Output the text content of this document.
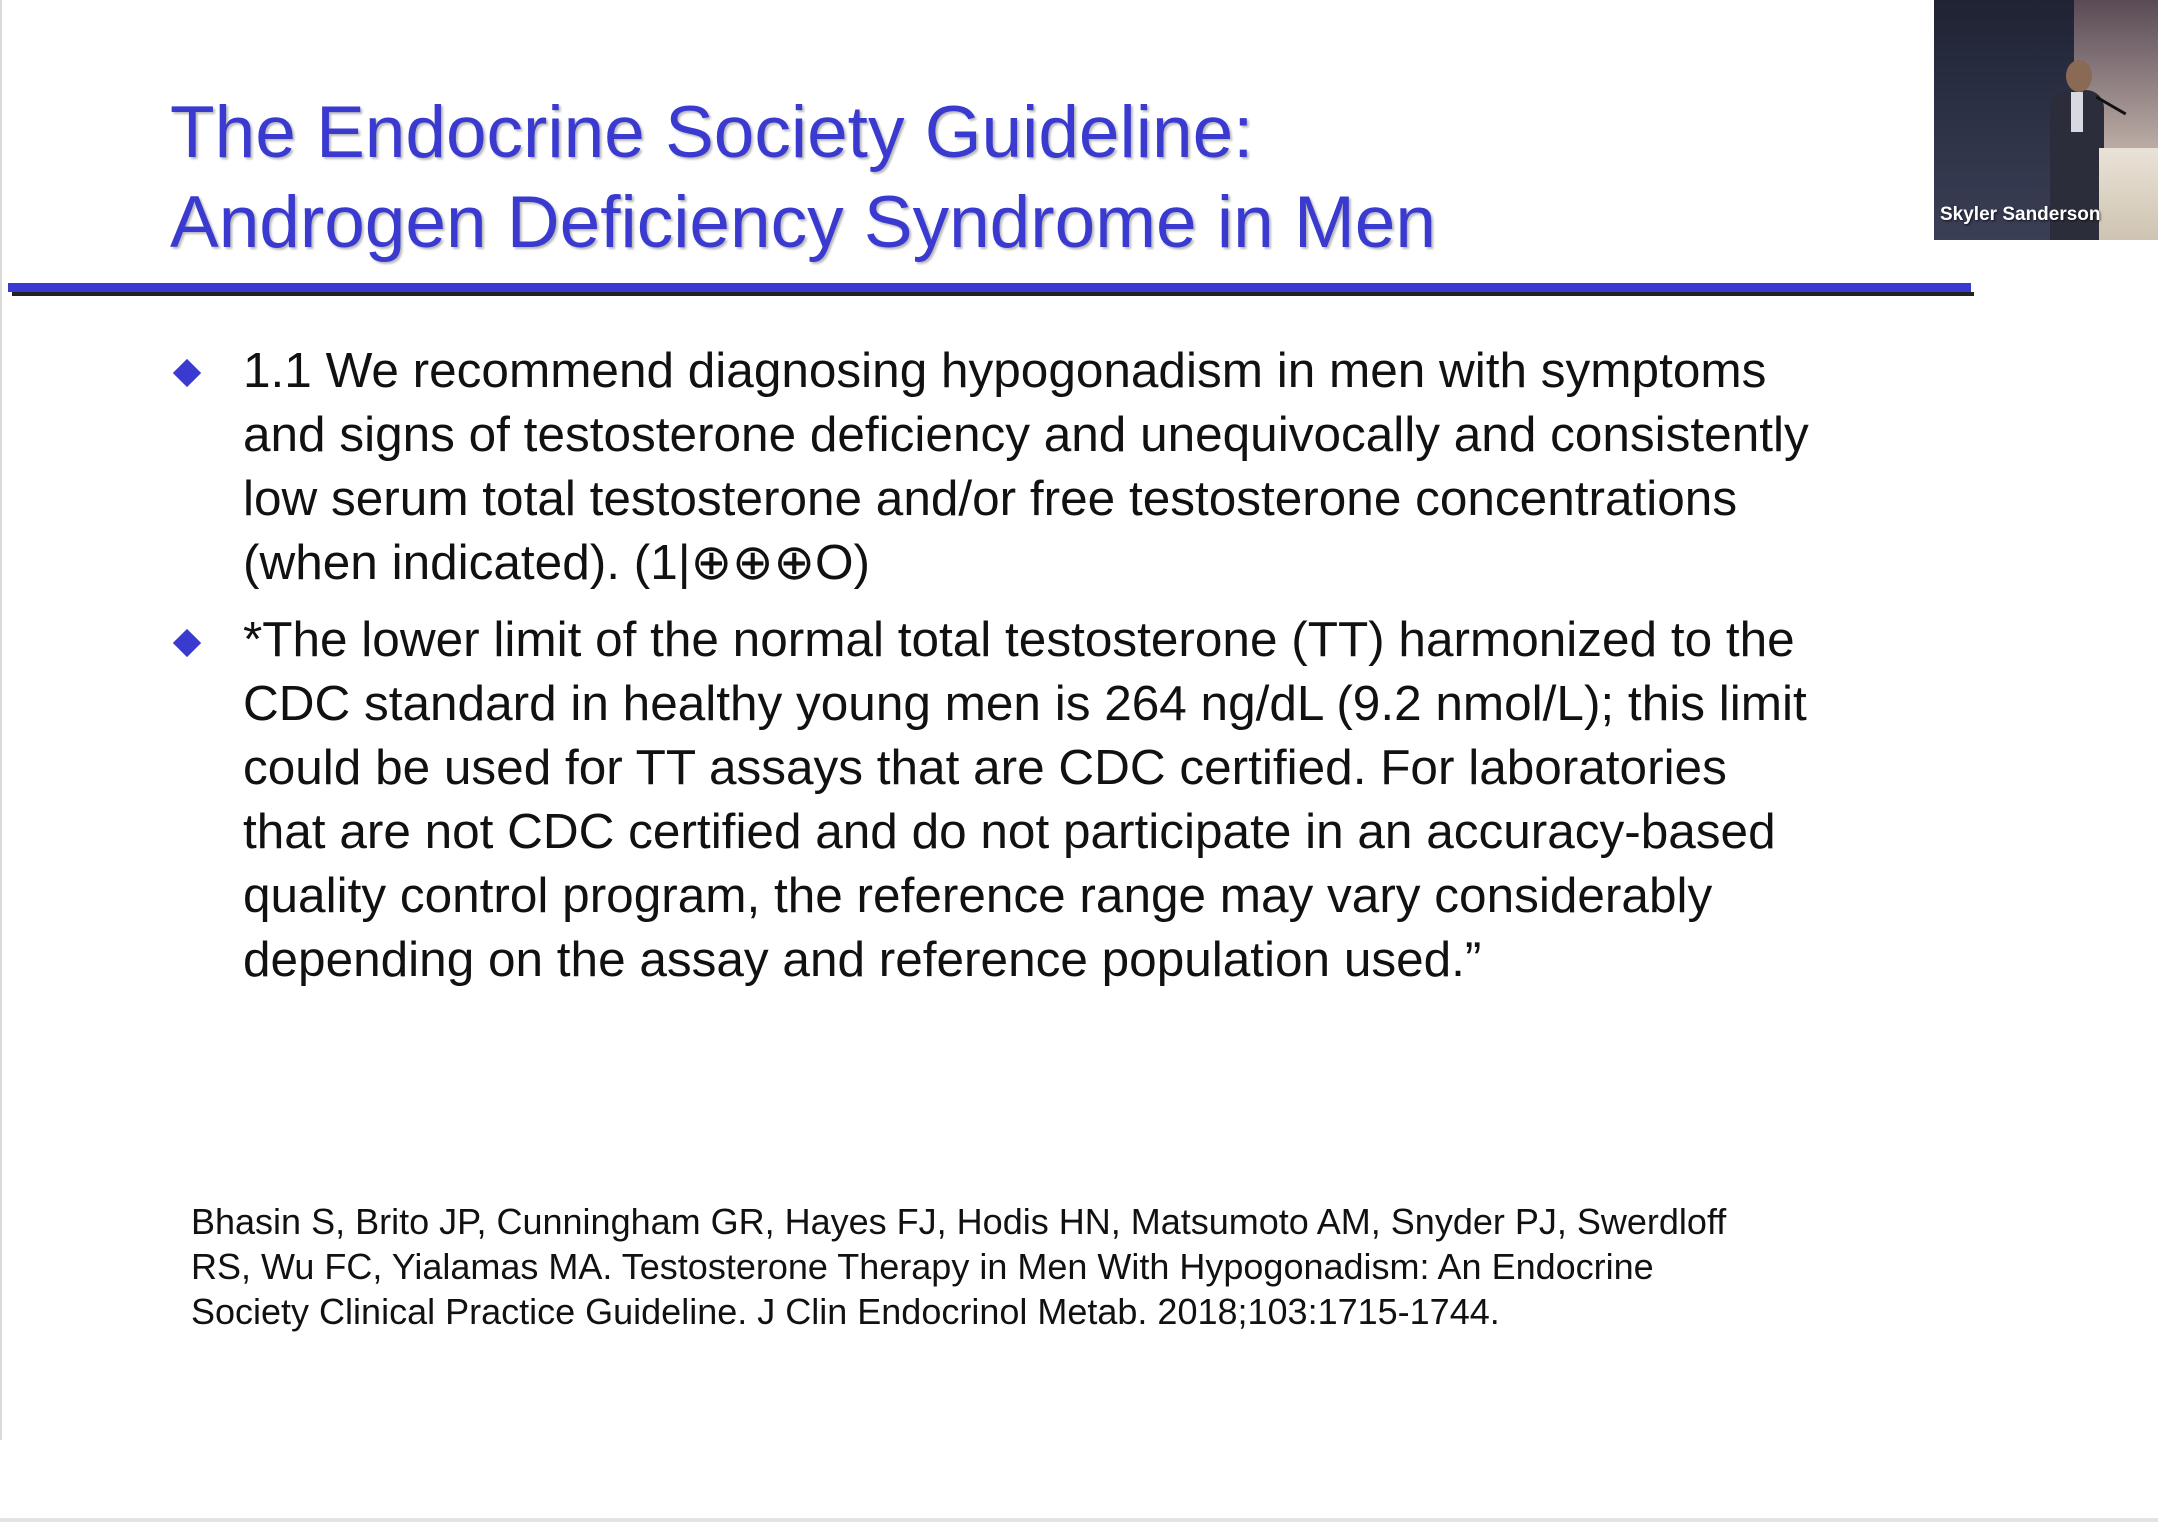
The Endocrine Society Guideline:
Androgen Deficiency Syndrome in Men
1.1 We recommend diagnosing hypogonadism in men with symptoms
and signs of testosterone deficiency and unequivocally and consistently
low serum total testosterone and/or free testosterone concentrations
(when indicated). (1|⊕⊕⊕O)
*The lower limit of the normal total testosterone (TT) harmonized to the
CDC standard in healthy young men is 264 ng/dL (9.2 nmol/L); this limit
could be used for TT assays that are CDC certified. For laboratories
that are not CDC certified and do not participate in an accuracy-based
quality control program, the reference range may vary considerably
depending on the assay and reference population used.”
Bhasin S, Brito JP, Cunningham GR, Hayes FJ, Hodis HN, Matsumoto AM, Snyder PJ, Swerdloff
RS, Wu FC, Yialamas MA. Testosterone Therapy in Men With Hypogonadism: An Endocrine
Society Clinical Practice Guideline. J Clin Endocrinol Metab. 2018;103:1715-1744.
Skyler Sanderson
